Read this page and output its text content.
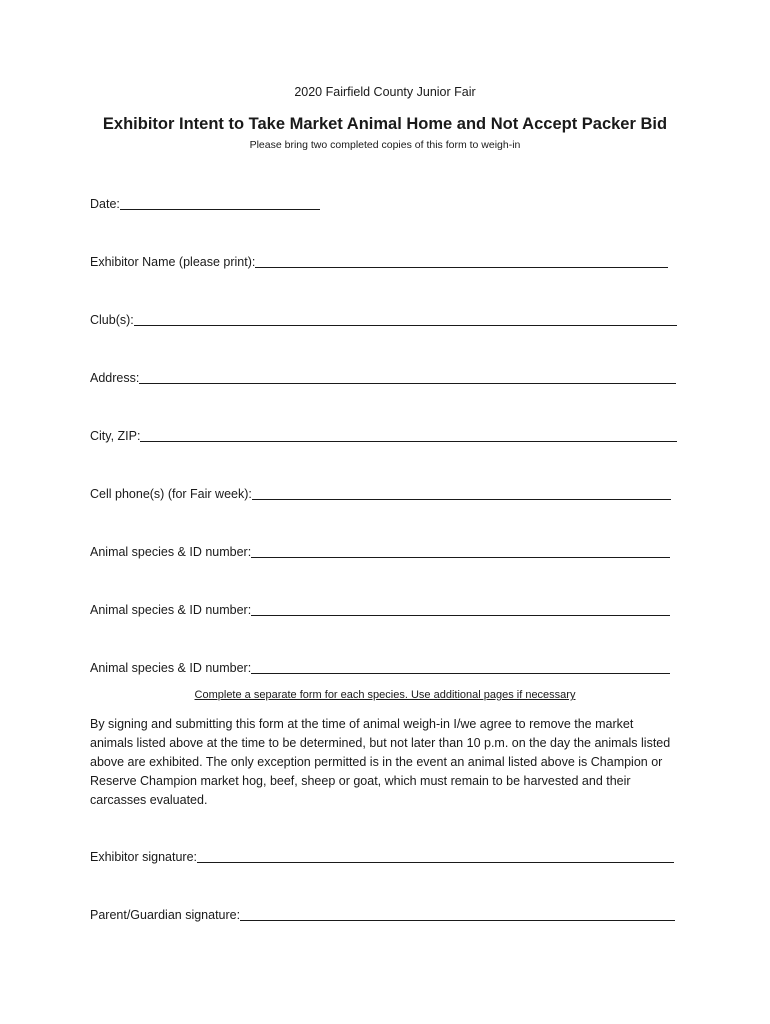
2020 Fairfield County Junior Fair
Exhibitor Intent to Take Market Animal Home and Not Accept Packer Bid
Please bring two completed copies of this form to weigh-in
Date:
Exhibitor Name (please print):
Club(s):
Address:
City, ZIP:
Cell phone(s) (for Fair week):
Animal species & ID number:
Animal species & ID number:
Animal species & ID number:
Complete a separate form for each species. Use additional pages if necessary
By signing and submitting this form at the time of animal weigh-in I/we agree to remove the market animals listed above at the time to be determined, but not later than 10 p.m. on the day the animals listed above are exhibited. The only exception permitted is in the event an animal listed above is Champion or Reserve Champion market hog, beef, sheep or goat, which must remain to be harvested and their carcasses evaluated.
Exhibitor signature:
Parent/Guardian signature:
